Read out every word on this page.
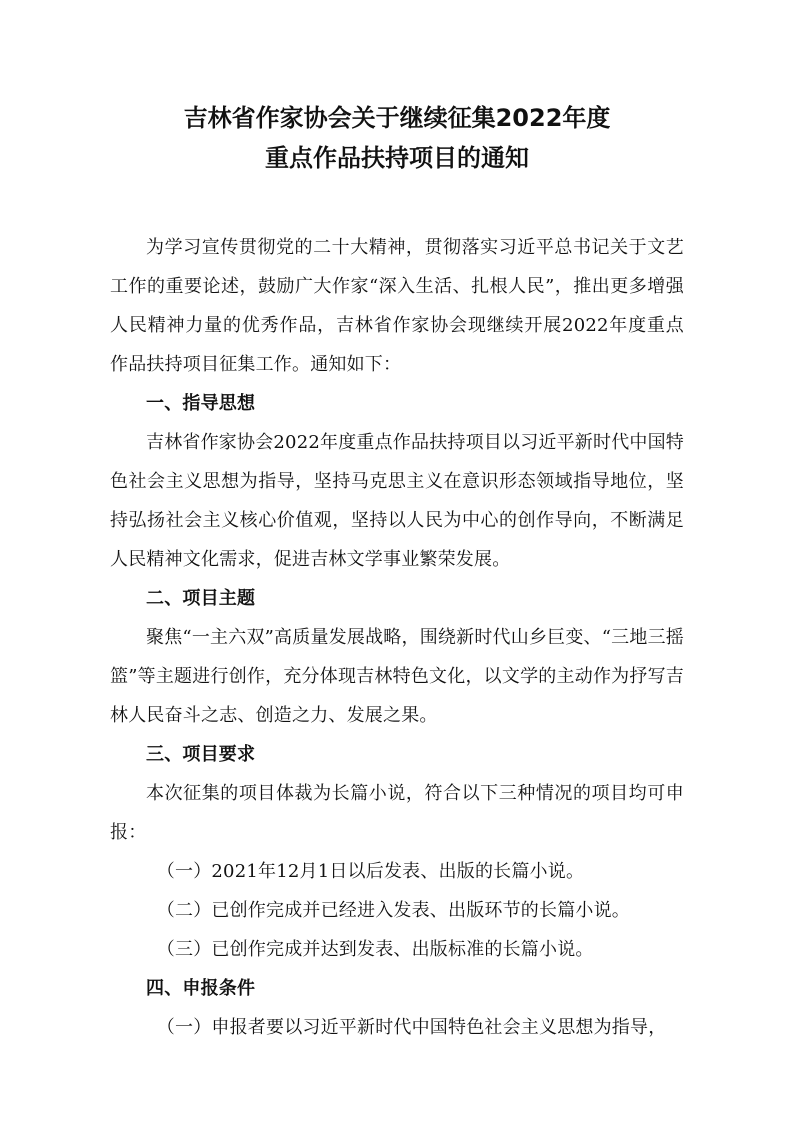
吉林省作家协会关于继续征集2022年度
重点作品扶持项目的通知

为学习宣传贯彻党的二十大精神，贯彻落实习近平总书记关于文艺工作的重要论述，鼓励广大作家“深入生活、扎根人民”，推出更多增强人民精神力量的优秀作品，吉林省作家协会现继续开展2022年度重点作品扶持项目征集工作。通知如下：

一、指导思想

吉林省作家协会2022年度重点作品扶持项目以习近平新时代中国特色社会主义思想为指导，坚持马克思主义在意识形态领域指导地位，坚持弘扬社会主义核心价值观，坚持以人民为中心的创作导向，不断满足人民精神文化需求，促进吉林文学事业繁荣发展。

二、项目主题

聚焦“一主六双”高质量发展战略，围绕新时代山乡巨变、“三地三摇篮”等主题进行创作，充分体现吉林特色文化，以文学的主动作为抒写吉林人民奋斗之志、创造之力、发展之果。

三、项目要求

本次征集的项目体裁为长篇小说，符合以下三种情况的项目均可申报：

（一）2021年12月1日以后发表、出版的长篇小说。

（二）已创作完成并已经进入发表、出版环节的长篇小说。

（三）已创作完成并达到发表、出版标准的长篇小说。

四、申报条件

（一）申报者要以习近平新时代中国特色社会主义思想为指导，
